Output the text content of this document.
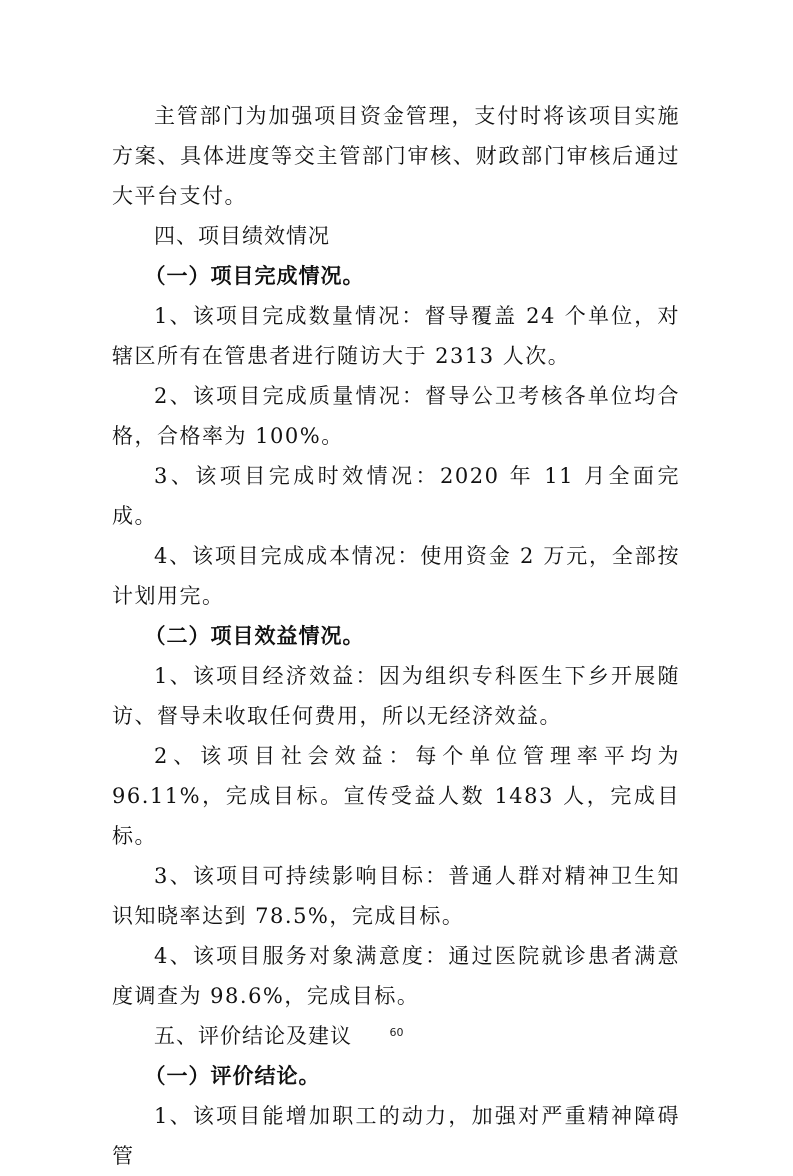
主管部门为加强项目资金管理，支付时将该项目实施方案、具体进度等交主管部门审核、财政部门审核后通过大平台支付。

四、项目绩效情况

（一）项目完成情况。

1、该项目完成数量情况：督导覆盖 24 个单位，对辖区所有在管患者进行随访大于 2313 人次。

2、该项目完成质量情况：督导公卫考核各单位均合格，合格率为 100%。

3、该项目完成时效情况：2020 年 11 月全面完成。

4、该项目完成成本情况：使用资金 2 万元，全部按计划用完。

（二）项目效益情况。

1、该项目经济效益：因为组织专科医生下乡开展随访、督导未收取任何费用，所以无经济效益。

2、该项目社会效益：每个单位管理率平均为 96.11%，完成目标。宣传受益人数 1483 人，完成目标。

3、该项目可持续影响目标：普通人群对精神卫生知识知晓率达到 78.5%，完成目标。

4、该项目服务对象满意度：通过医院就诊患者满意度调查为 98.6%，完成目标。

五、评价结论及建议

（一）评价结论。

1、该项目能增加职工的动力，加强对严重精神障碍管

60
